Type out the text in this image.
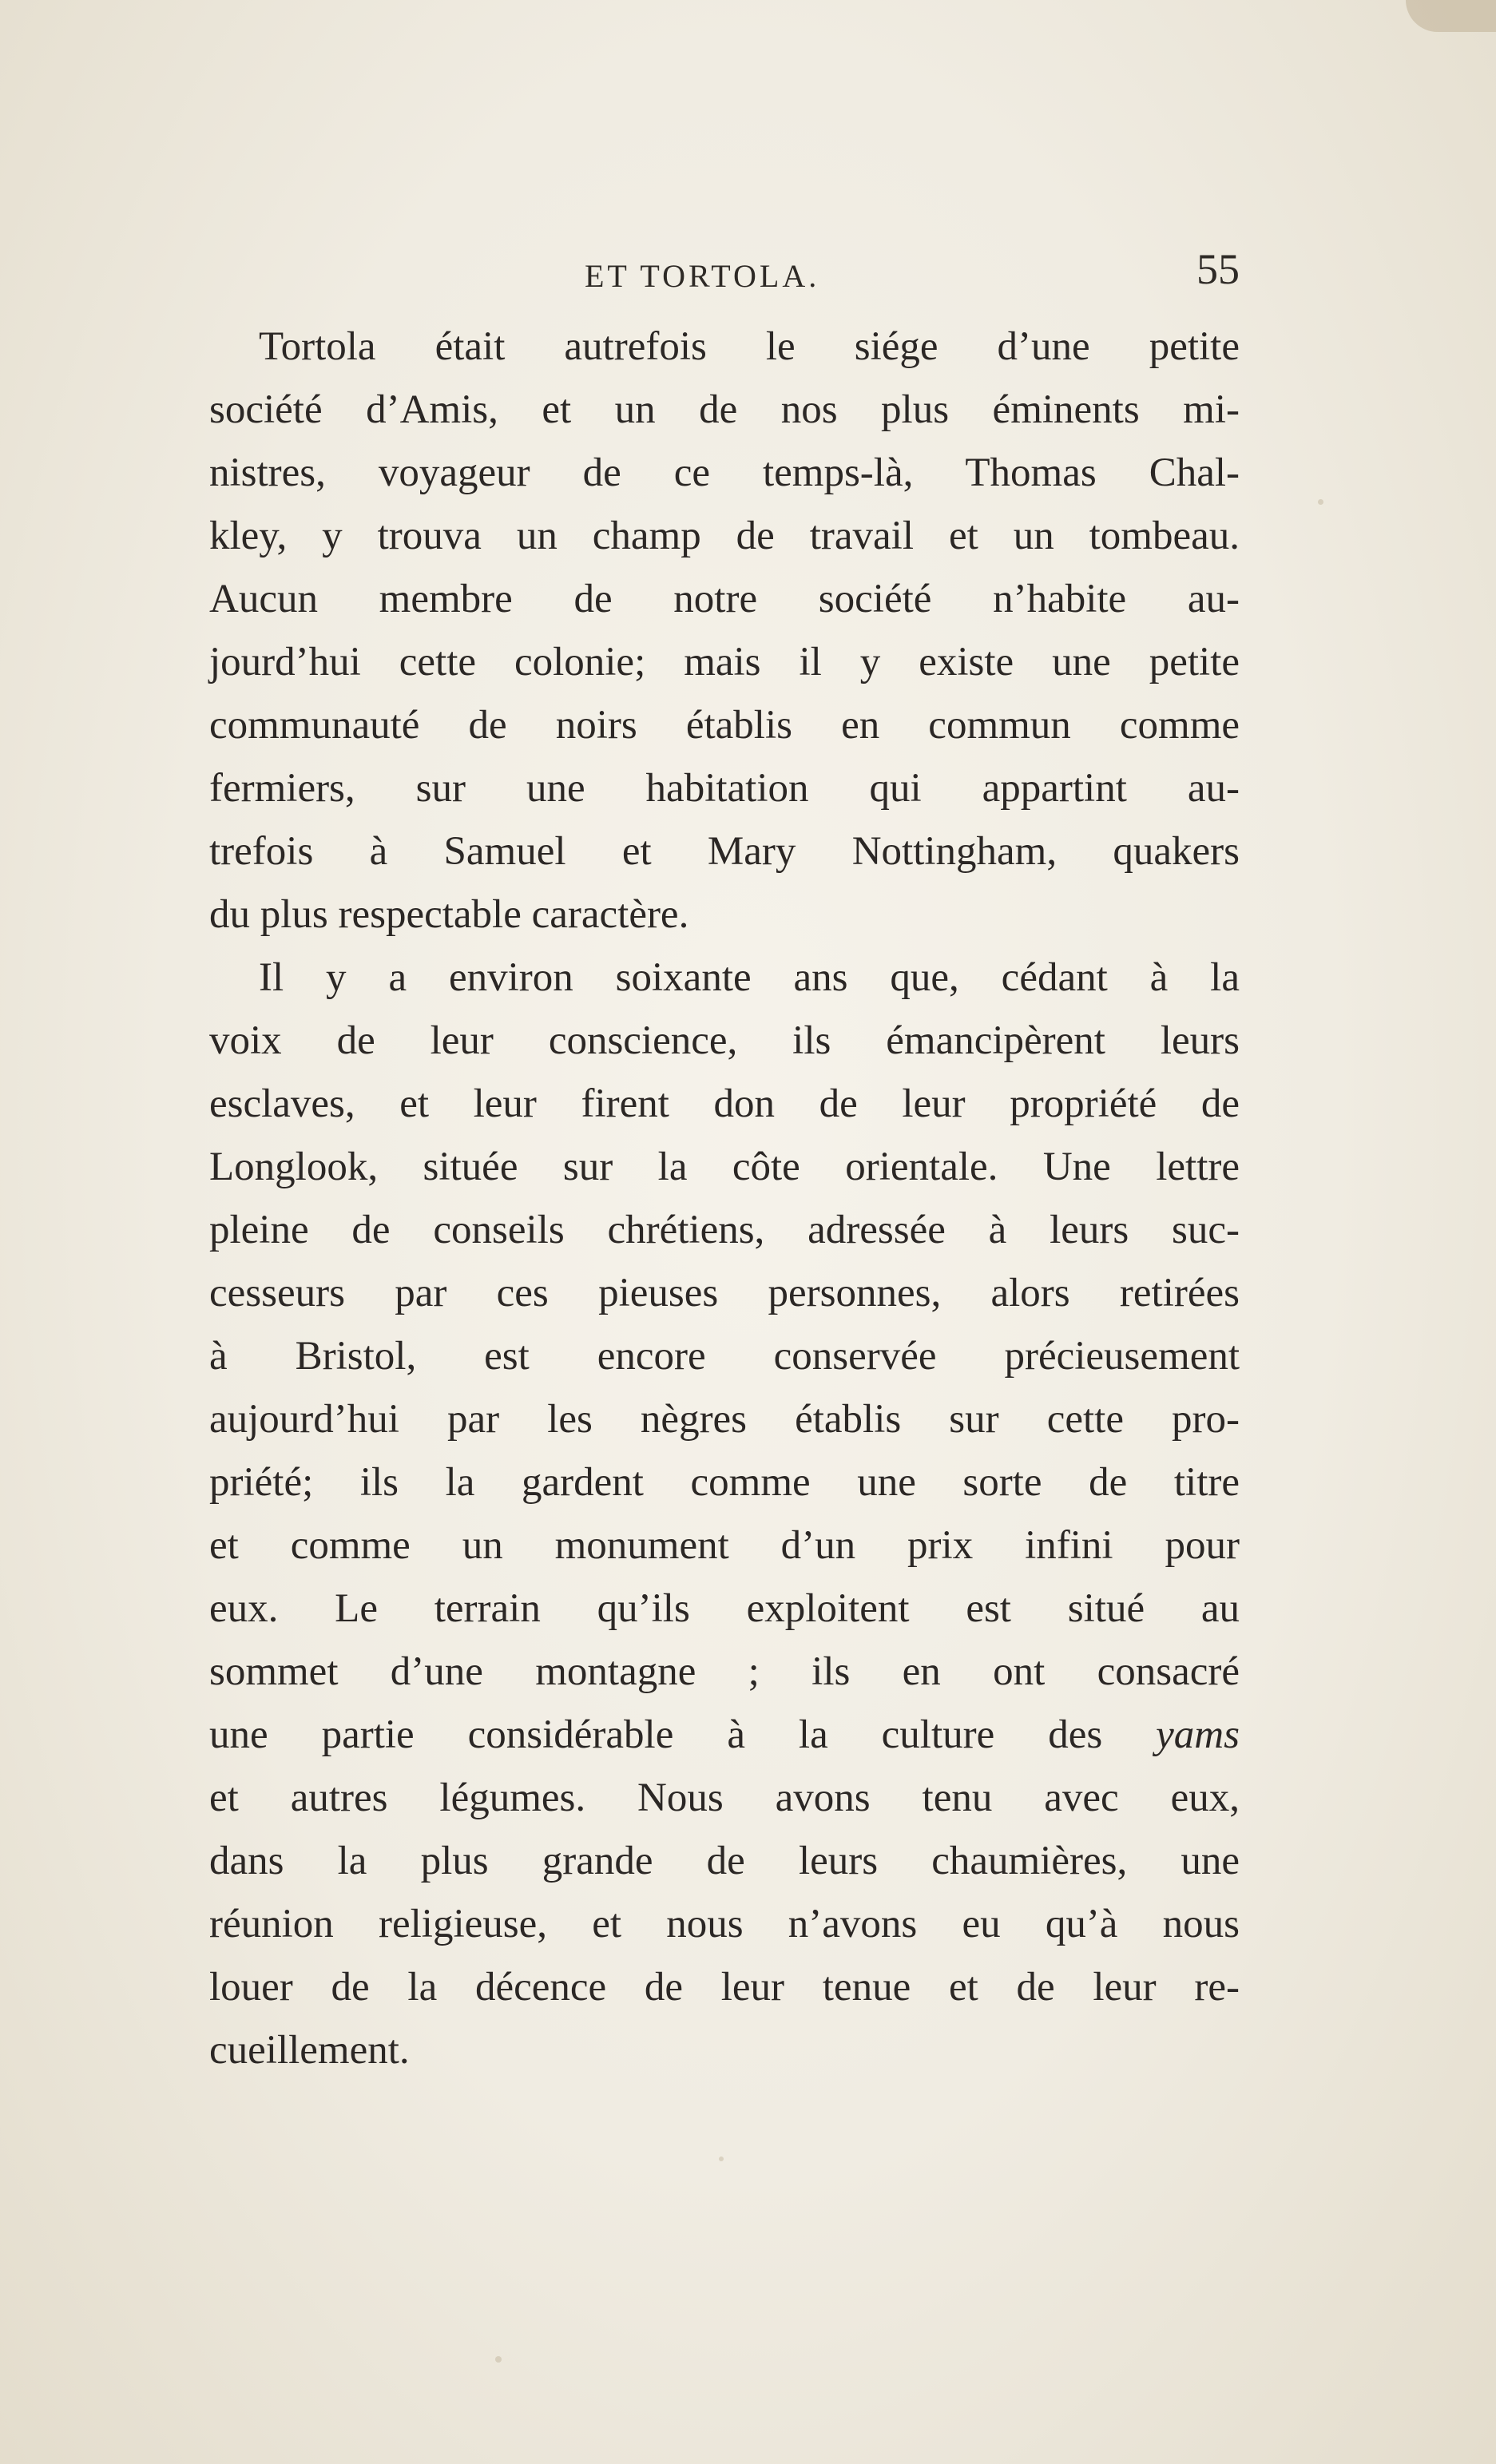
ET TORTOLA.	55
Tortola était autrefois le siége d’une petite
société d’Amis, et un de nos plus éminents mi-
nistres, voyageur de ce temps-là, Thomas Chal-
kley, y trouva un champ de travail et un tombeau.
Aucun membre de notre société n’habite au-
jourd’hui cette colonie; mais il y existe une petite
communauté de noirs établis en commun comme
fermiers, sur une habitation qui appartint au-
trefois à Samuel et Mary Nottingham, quakers
du plus respectable caractère.
Il y a environ soixante ans que, cédant à la
voix de leur conscience, ils émancipèrent leurs
esclaves, et leur firent don de leur propriété de
Longlook, située sur la côte orientale. Une lettre
pleine de conseils chrétiens, adressée à leurs suc-
cesseurs par ces pieuses personnes, alors retirées
à Bristol, est encore conservée précieusement
aujourd’hui par les nègres établis sur cette pro-
priété; ils la gardent comme une sorte de titre
et comme un monument d’un prix infini pour
eux. Le terrain qu’ils exploitent est situé au
sommet d’une montagne ; ils en ont consacré
une partie considérable à la culture des yams
et autres légumes. Nous avons tenu avec eux,
dans la plus grande de leurs chaumières, une
réunion religieuse, et nous n’avons eu qu’à nous
louer de la décence de leur tenue et de leur re-
cueillement.
